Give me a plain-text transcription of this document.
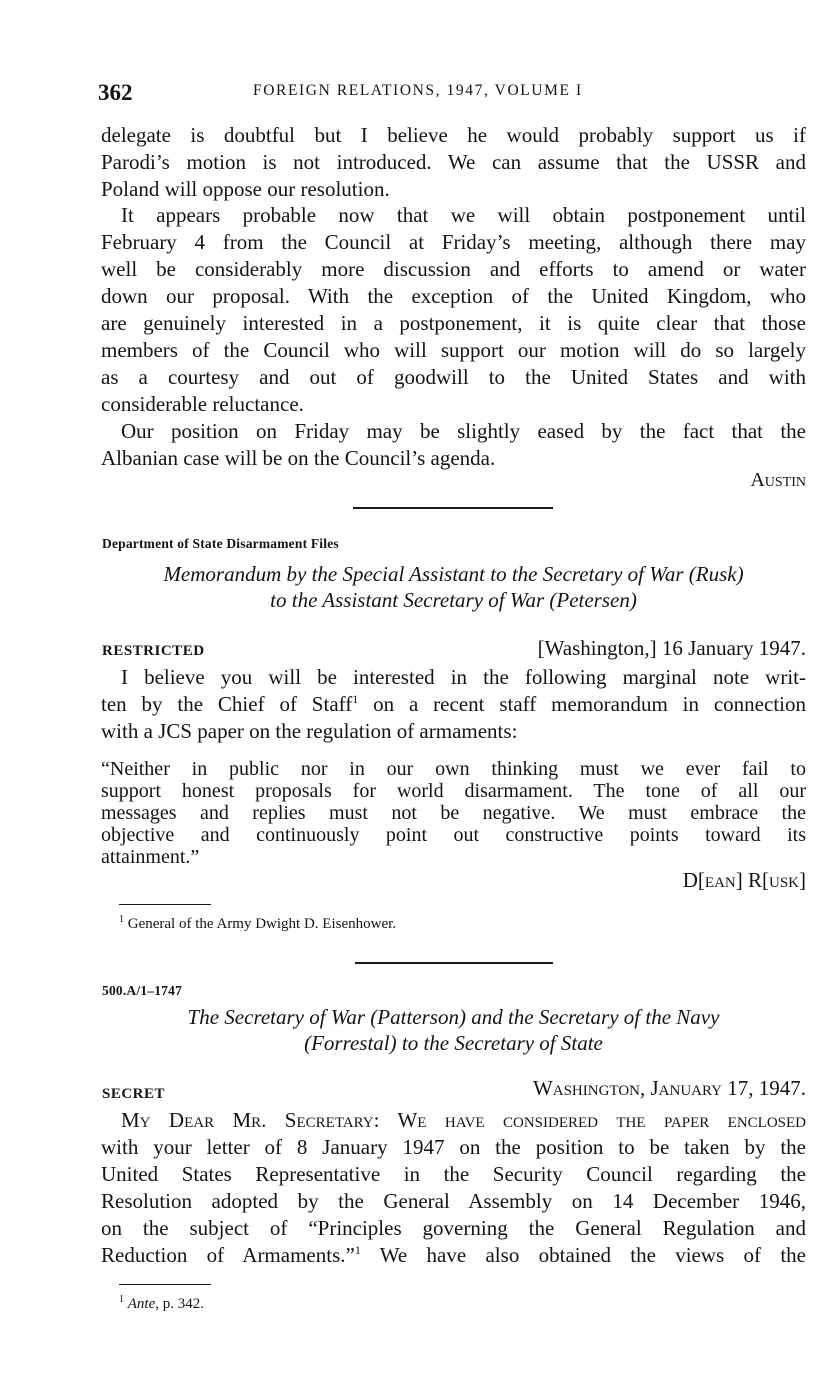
362	FOREIGN RELATIONS, 1947, VOLUME I
delegate is doubtful but I believe he would probably support us if
Parodi’s motion is not introduced. We can assume that the USSR and
Poland will oppose our resolution.
It appears probable now that we will obtain postponement until
February 4 from the Council at Friday’s meeting, although there may
well be considerably more discussion and efforts to amend or water
down our proposal. With the exception of the United Kingdom, who
are genuinely interested in a postponement, it is quite clear that those
members of the Council who will support our motion will do so largely
as a courtesy and out of goodwill to the United States and with
considerable reluctance.
Our position on Friday may be slightly eased by the fact that the
Albanian case will be on the Council’s agenda.
Austin
Department of State Disarmament Files
Memorandum by the Special Assistant to the Secretary of War (Rusk)
to the Assistant Secretary of War (Petersen)
RESTRICTED	[Washington,] 16 January 1947.
I believe you will be interested in the following marginal note writ-
ten by the Chief of Staff$^1$ on a recent staff memorandum in connection
with a JCS paper on the regulation of armaments:
“Neither in public nor in our own thinking must we ever fail to
support honest proposals for world disarmament. The tone of all our
messages and replies must not be negative. We must embrace the
objective and continuously point out constructive points toward its
attainment.”
D[ean] R[usk]
$^1$ General of the Army Dwight D. Eisenhower.
500.A/1–1747
The Secretary of War (Patterson) and the Secretary of the Navy
(Forrestal) to the Secretary of State
SECRET	Washington, January 17, 1947.
My Dear Mr. Secretary: We have considered the paper enclosed
with your letter of 8 January 1947 on the position to be taken by the
United States Representative in the Security Council regarding the
Resolution adopted by the General Assembly on 14 December 1946,
on the subject of “Principles governing the General Regulation and
Reduction of Armaments.”$^1$ We have also obtained the views of the
$^1$ Ante, p. 342.
